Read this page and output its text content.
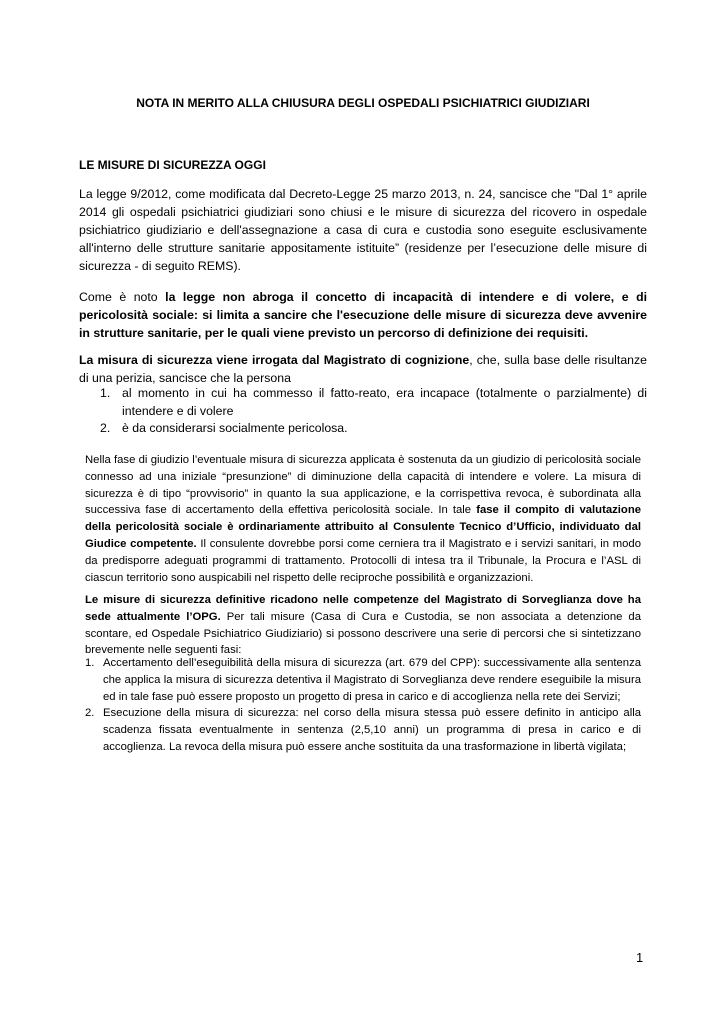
NOTA IN MERITO ALLA CHIUSURA DEGLI OSPEDALI PSICHIATRICI GIUDIZIARI
LE MISURE DI SICUREZZA OGGI

La legge 9/2012, come modificata dal Decreto-Legge 25 marzo 2013, n. 24, sancisce che "Dal 1° aprile 2014 gli ospedali psichiatrici giudiziari sono chiusi e le misure di sicurezza del ricovero in ospedale psichiatrico giudiziario e dell'assegnazione a casa di cura e custodia sono eseguite esclusivamente all'interno delle strutture sanitarie appositamente istituite” (residenze per l’esecuzione delle misure di sicurezza - di seguito REMS).

Come è noto la legge non abroga il concetto di incapacità di intendere e di volere, e di pericolosità sociale: si limita a sancire che l'esecuzione delle misure di sicurezza deve avvenire in strutture sanitarie, per le quali viene previsto un percorso di definizione dei requisiti.

La misura di sicurezza viene irrogata dal Magistrato di cognizione, che, sulla base delle risultanze di una perizia, sancisce che la persona

1. al momento in cui ha commesso il fatto-reato, era incapace (totalmente o parzialmente) di intendere e di volere
2. è da considerarsi socialmente pericolosa.

Nella fase di giudizio l’eventuale misura di sicurezza applicata è sostenuta da un giudizio di pericolosità sociale connesso ad una iniziale “presunzione” di diminuzione della capacità di intendere e volere. La misura di sicurezza è di tipo “provvisorio” in quanto la sua applicazione, e la corrispettiva revoca, è subordinata alla successiva fase di accertamento della effettiva pericolosità sociale. In tale fase il compito di valutazione della pericolosità sociale è ordinariamente attribuito al Consulente Tecnico d’Ufficio, individuato dal Giudice competente. Il consulente dovrebbe porsi come cerniera tra il Magistrato e i servizi sanitari, in modo da predisporre adeguati programmi di trattamento. Protocolli di intesa tra il Tribunale, la Procura e l’ASL di ciascun territorio sono auspicabili nel rispetto delle reciproche possibilità e organizzazioni.

Le misure di sicurezza definitive ricadono nelle competenze del Magistrato di Sorveglianza dove ha sede attualmente l’OPG. Per tali misure (Casa di Cura e Custodia, se non associata a detenzione da scontare, ed Ospedale Psichiatrico Giudiziario) si possono descrivere una serie di percorsi che si sintetizzano brevemente nelle seguenti fasi:

1. Accertamento dell’eseguibilità della misura di sicurezza (art. 679 del CPP): successivamente alla sentenza che applica la misura di sicurezza detentiva il Magistrato di Sorveglianza deve rendere eseguibile la misura ed in tale fase può essere proposto un progetto di presa in carico e di accoglienza nella rete dei Servizi;
2. Esecuzione della misura di sicurezza: nel corso della misura stessa può essere definito in anticipo alla scadenza fissata eventualmente in sentenza (2,5,10 anni) un programma di presa in carico e di accoglienza. La revoca della misura può essere anche sostituita da una trasformazione in libertà vigilata;
1
